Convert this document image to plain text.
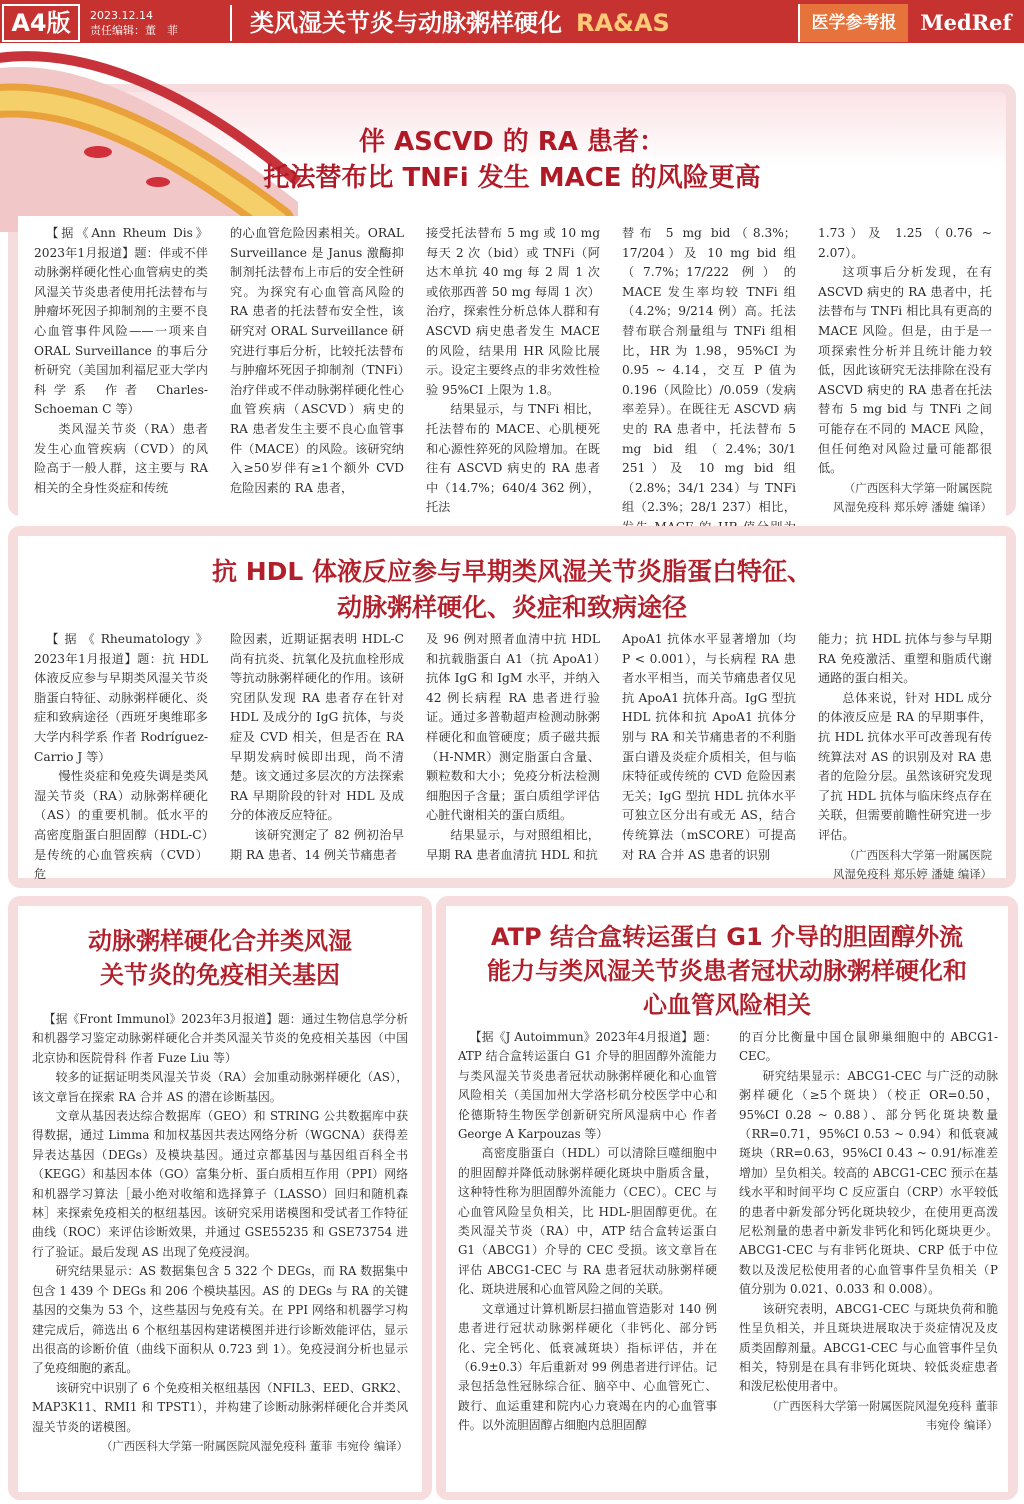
A4版	2023.12.14
责任编辑：董　菲	类风湿关节炎与动脉粥样硬化 RA&AS	医学参考报	MedRef
伴 ASCVD 的 RA 患者：
托法替布比 TNFi 发生 MACE 的风险更高

【据《Ann Rheum Dis》2023年1月报道】题：伴或不伴动脉粥样硬化性心血管病史的类风湿关节炎患者使用托法替布与肿瘤坏死因子抑制剂的主要不良心血管事件风险——一项来自 ORAL Surveillance 的事后分析研究（美国加利福尼亚大学内科学系 作者 Charles-Schoeman C 等）

类风湿关节炎（RA）患者发生心血管疾病（CVD）的风险高于一般人群，这主要与 RA 相关的全身性炎症和传统

的心血管危险因素相关。ORAL Surveillance 是 Janus 激酶抑制剂托法替布上市后的安全性研究。为探究有心血管高风险的 RA 患者的托法替布安全性，该研究对 ORAL Surveillance 研究进行事后分析，比较托法替布与肿瘤坏死因子抑制剂（TNFi）治疗伴或不伴动脉粥样硬化性心血管疾病（ASCVD）病史的 RA 患者发生主要不良心血管事件（MACE）的风险。该研究纳入≥50岁伴有≥1个额外 CVD 危险因素的 RA 患者，

接受托法替布 5 mg 或 10 mg 每天 2 次（bid）或 TNFi（阿达木单抗 40 mg 每 2 周 1 次或依那西普 50 mg 每周 1 次）治疗，探索性分析总体人群和有 ASCVD 病史患者发生 MACE 的风险，结果用 HR 风险比展示。设定主要终点的非劣效性检验 95%CI 上限为 1.8。

结果显示，与 TNFi 相比，托法替布的 MACE、心肌梗死和心源性猝死的风险增加。在既往有 ASCVD 病史的 RA 患者中（14.7%；640/4 362 例），托法

替布 5 mg bid（8.3%；17/204）及 10 mg bid 组（7.7%；17/222 例）的 MACE 发生率均较 TNFi 组（4.2%；9/214 例）高。托法替布联合剂量组与 TNFi 组相比，HR 为 1.98，95%CI 为 0.95 ~ 4.14，交互 P 值为 0.196（风险比）/0.059（发病率差异）。在既往无 ASCVD 病史的 RA 患者中，托法替布 5 mg bid 组（2.4%；30/1 251）及 10 mg bid 组（2.8%；34/1 234）与 TNFi 组（2.3%；28/1 237）相比，

1.73）及 1.25（0.76 ~ 2.07）。

这项事后分析发现，在有 ASCVD 病史的 RA 患者中，托法替布与 TNFi 相比具有更高的 MACE 风险。但是，由于是一项探索性分析并且统计能力较低，因此该研究无法排除在没有 ASCVD 病史的 RA 患者在托法替布 5 mg bid 与 TNFi 之间可能存在不同的 MACE 风险，但任何绝对风险过量可能都很低。

（广西医科大学第一附属医院风湿免疫科 郑乐婷 潘婕 编译）

抗 HDL 体液反应参与早期类风湿关节炎脂蛋白特征、
动脉粥样硬化、炎症和致病途径

【据《Rheumatology》2023年1月报道】题：抗 HDL 体液反应参与早期类风湿关节炎脂蛋白特征、动脉粥样硬化、炎症和致病途径（西班牙奥维耶多大学内科学系 作者 Rodríguez-Carrio J 等）

慢性炎症和免疫失调是类风湿关节炎（RA）动脉粥样硬化（AS）的重要机制。低水平的高密度脂蛋白胆固醇（HDL-C）是传统的心血管疾病（CVD）危

险因素，近期证据表明 HDL-C 尚有抗炎、抗氧化及抗血栓形成等抗动脉粥样硬化的作用。该研究团队发现 RA 患者存在针对 HDL 及成分的 IgG 抗体，与炎症及 CVD 相关，但是否在 RA 早期发病时候即出现，尚不清楚。该文通过多层次的方法探索 RA 早期阶段的针对 HDL 及成分的体液反应特征。

该研究测定了 82 例初治早期 RA 患者、14 例关节痛患者

及 96 例对照者血清中抗 HDL 和抗载脂蛋白 A1（抗 ApoA1）抗体 IgG 和 IgM 水平，并纳入 42 例长病程 RA 患者进行验证。通过多普勒超声检测动脉粥样硬化和血管硬度；质子磁共振（H-NMR）测定脂蛋白含量、颗粒数和大小；免疫分析法检测细胞因子含量；蛋白质组学评估心脏代谢相关的蛋白质组。

结果显示，与对照组相比，早期 RA 患者血清抗 HDL 和抗

ApoA1 抗体水平显著增加（均 P < 0.001），与长病程 RA 患者水平相当，而关节痛患者仅见抗 ApoA1 抗体升高。IgG 型抗 HDL 抗体和抗 ApoA1 抗体分别与 RA 和关节痛患者的不利脂蛋白谱及炎症介质相关，但与临床特征或传统的 CVD 危险因素无关；IgG 型抗 HDL 抗体水平可独立区分出有或无 AS，结合传统算法（mSCORE）可提高对 RA 合并 AS 患者的识别

能力；抗 HDL 抗体与参与早期 RA 免疫激活、重塑和脂质代谢通路的蛋白相关。

总体来说，针对 HDL 成分的体液反应是 RA 的早期事件，抗 HDL 抗体水平可改善现有传统算法对 AS 的识别及对 RA 患者的危险分层。虽然该研究发现了抗 HDL 抗体与临床终点存在关联，但需要前瞻性研究进一步评估。

（广西医科大学第一附属医院风湿免疫科 郑乐婷 潘婕 编译）

动脉粥样硬化合并类风湿
关节炎的免疫相关基因

【据《Front Immunol》2023年3月报道】题：通过生物信息学分析和机器学习鉴定动脉粥样硬化合并类风湿关节炎的免疫相关基因（中国北京协和医院骨科 作者 Fuze Liu 等）

较多的证据证明类风湿关节炎（RA）会加重动脉粥样硬化（AS），该文章旨在探索 RA 合并 AS 的潜在诊断基因。

文章从基因表达综合数据库（GEO）和 STRING 公共数据库中获得数据，通过 Limma 和加权基因共表达网络分析（WGCNA）获得差异表达基因（DEGs）及模块基因。通过京都基因与基因组百科全书（KEGG）和基因本体（GO）富集分析、蛋白质相互作用（PPI）网络和机器学习算法［最小绝对收缩和选择算子（LASSO）回归和随机森林］来探索免疫相关的枢纽基因。该研究采用诺模图和受试者工作特征曲线（ROC）来评估诊断效果，并通过 GSE55235 和 GSE73754 进行了验证。最后发现 AS 出现了免疫浸润。

研究结果显示：AS 数据集包含 5 322 个 DEGs，而 RA 数据集中包含 1 439 个 DEGs 和 206 个模块基因。AS 的 DEGs 与 RA 的关键基因的交集为 53 个，这些基因与免疫有关。在 PPI 网络和机器学习构建完成后，筛选出 6 个枢纽基因构建诺模图并进行诊断效能评估，显示出很高的诊断价值（曲线下面积从 0.723 到 1）。免疫浸润分析也显示了免疫细胞的紊乱。

该研究中识别了 6 个免疫相关枢纽基因（NFIL3、EED、GRK2、MAP3K11、RMI1 和 TPST1），并构建了诊断动脉粥样硬化合并类风湿关节炎的诺模图。

（广西医科大学第一附属医院风湿免疫科 董菲 韦宛伶 编译）

ATP 结合盒转运蛋白 G1 介导的胆固醇外流
能力与类风湿关节炎患者冠状动脉粥样硬化和
心血管风险相关

【据《J Autoimmun》2023年4月报道】题：ATP 结合盒转运蛋白 G1 介导的胆固醇外流能力与类风湿关节炎患者冠状动脉粥样硬化和心血管风险相关（美国加州大学洛杉矶分校医学中心和伦德斯特生物医学创新研究所风湿病中心 作者 George A Karpouzas 等）

高密度脂蛋白（HDL）可以清除巨噬细胞中的胆固醇并降低动脉粥样硬化斑块中脂质含量，这种特性称为胆固醇外流能力（CEC）。CEC 与心血管风险呈负相关，比 HDL-胆固醇更优。在类风湿关节炎（RA）中，ATP 结合盒转运蛋白 G1（ABCG1）介导的 CEC 受损。该文章旨在评估 ABCG1-CEC 与 RA 患者冠状动脉粥样硬化、斑块进展和心血管风险之间的关联。

文章通过计算机断层扫描血管造影对 140 例患者进行冠状动脉粥样硬化（非钙化、部分钙化、完全钙化、低衰减斑块）指标评估，并在（6.9±0.3）年后重新对 99 例患者进行评估。记录包括急性冠脉综合征、脑卒中、心血管死亡、跛行、血运重建和院内心力衰竭在内的心血管事件。以外流胆固醇占细胞内总胆固醇

的百分比衡量中国仓鼠卵巢细胞中的 ABCG1-CEC。

研究结果显示：ABCG1-CEC 与广泛的动脉粥样硬化（≥5个斑块）（校正 OR=0.50，95%CI 0.28 ~ 0.88）、部分钙化斑块数量（RR=0.71，95%CI 0.53 ~ 0.94）和低衰减斑块（RR=0.63，95%CI 0.43 ~ 0.91/标准差增加）呈负相关。较高的 ABCG1-CEC 预示在基线水平和时间平均 C 反应蛋白（CRP）水平较低的患者中新发部分钙化斑块较少，在使用更高泼尼松剂量的患者中新发非钙化和钙化斑块更少。ABCG1-CEC 与有非钙化斑块、CRP 低于中位数以及泼尼松使用者的心血管事件呈负相关（P 值分别为 0.021、0.033 和 0.008）。

该研究表明，ABCG1-CEC 与斑块负荷和脆性呈负相关，并且斑块进展取决于炎症情况及皮质类固醇剂量。ABCG1-CEC 与心血管事件呈负相关，特别是在具有非钙化斑块、较低炎症患者和泼尼松使用者中。

（广西医科大学第一附属医院风湿免疫科 董菲 韦宛伶 编译）
